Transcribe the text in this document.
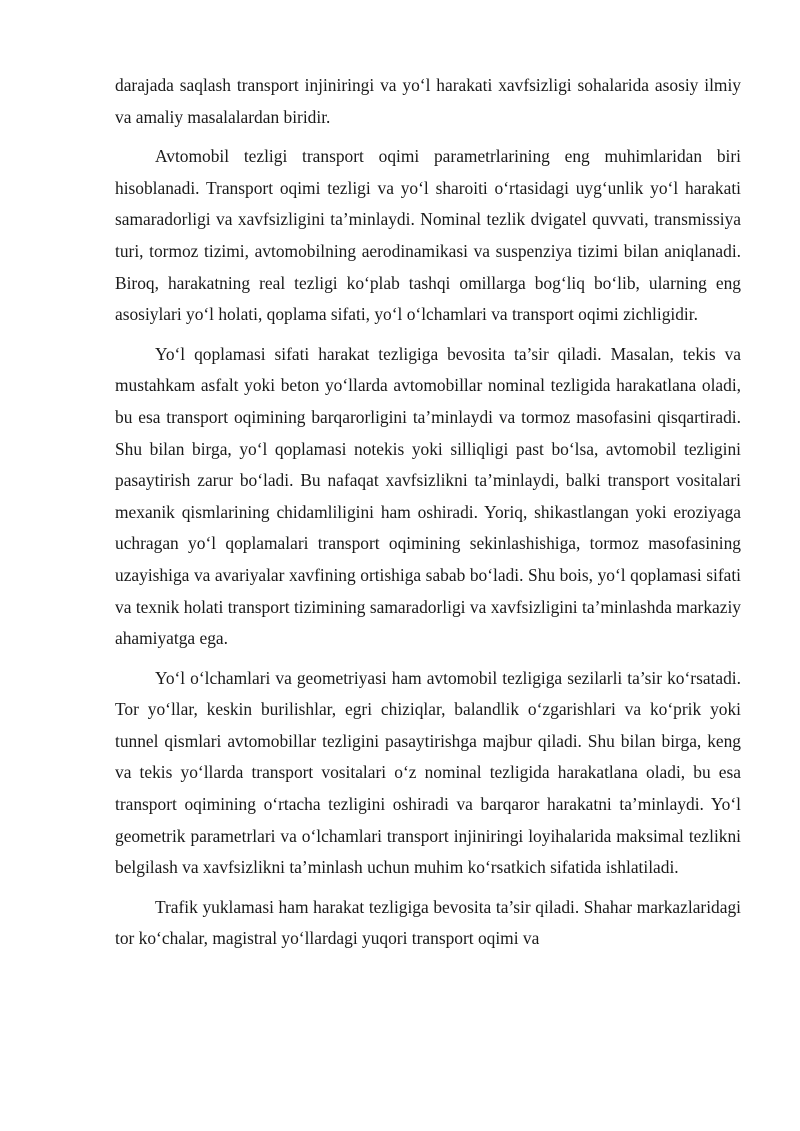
darajada saqlash transport injiniringi va yo‘l harakati xavfsizligi sohalarida asosiy ilmiy va amaliy masalalardan biridir.

Avtomobil tezligi transport oqimi parametrlarining eng muhimlaridan biri hisoblanadi. Transport oqimi tezligi va yo‘l sharoiti o‘rtasidagi uyg‘unlik yo‘l harakati samaradorligi va xavfsizligini ta’minlaydi. Nominal tezlik dvigatel quvvati, transmissiya turi, tormoz tizimi, avtomobilning aerodinamikasi va suspenziya tizimi bilan aniqlanadi. Biroq, harakatning real tezligi ko‘plab tashqi omillarga bog‘liq bo‘lib, ularning eng asosiylari yo‘l holati, qoplama sifati, yo‘l o‘lchamlari va transport oqimi zichligidir.

Yo‘l qoplamasi sifati harakat tezligiga bevosita ta’sir qiladi. Masalan, tekis va mustahkam asfalt yoki beton yo‘llarda avtomobillar nominal tezligida harakatlana oladi, bu esa transport oqimining barqarorligini ta’minlaydi va tormoz masofasini qisqartiradi. Shu bilan birga, yo‘l qoplamasi notekis yoki silliqligi past bo‘lsa, avtomobil tezligini pasaytirish zarur bo‘ladi. Bu nafaqat xavfsizlikni ta’minlaydi, balki transport vositalari mexanik qismlarining chidamliligini ham oshiradi. Yoriq, shikastlangan yoki eroziyaga uchragan yo‘l qoplamalari transport oqimining sekinlashishiga, tormoz masofasining uzayishiga va avariyalar xavfining ortishiga sabab bo‘ladi. Shu bois, yo‘l qoplamasi sifati va texnik holati transport tizimining samaradorligi va xavfsizligini ta’minlashda markaziy ahamiyatga ega.

Yo‘l o‘lchamlari va geometriyasi ham avtomobil tezligiga sezilarli ta’sir ko‘rsatadi. Tor yo‘llar, keskin burilishlar, egri chiziqlar, balandlik o‘zgarishlari va ko‘prik yoki tunnel qismlari avtomobillar tezligini pasaytirishga majbur qiladi. Shu bilan birga, keng va tekis yo‘llarda transport vositalari o‘z nominal tezligida harakatlana oladi, bu esa transport oqimining o‘rtacha tezligini oshiradi va barqaror harakatni ta’minlaydi. Yo‘l geometrik parametrlari va o‘lchamlari transport injiniringi loyihalarida maksimal tezlikni belgilash va xavfsizlikni ta’minlash uchun muhim ko‘rsatkich sifatida ishlatiladi.

Trafik yuklamasi ham harakat tezligiga bevosita ta’sir qiladi. Shahar markazlaridagi tor ko‘chalar, magistral yo‘llardagi yuqori transport oqimi va
